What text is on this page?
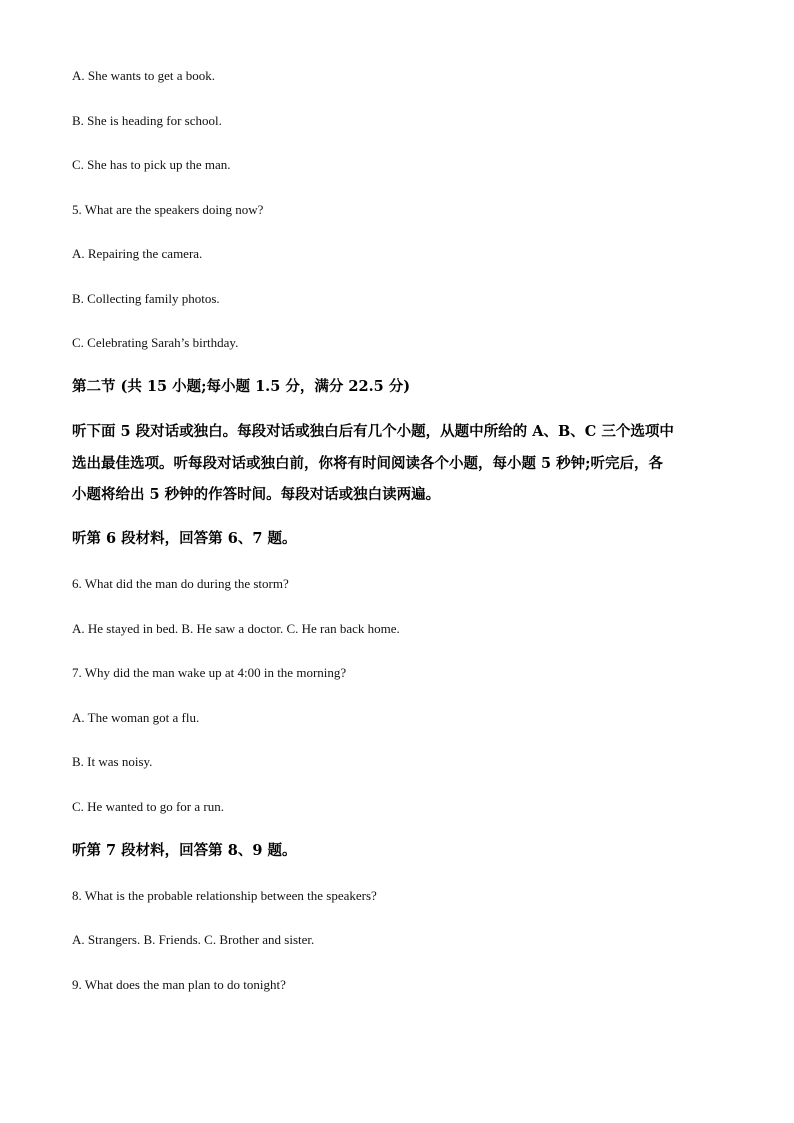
A. She wants to get a book.
B. She is heading for school.
C. She has to pick up the man.
5. What are the speakers doing now?
A. Repairing the camera.
B. Collecting family photos.
C. Celebrating Sarah’s birthday.
第二节 (共 15 小题;每小题 1.5 分，满分 22.5 分)
听下面 5 段对话或独白。每段对话或独白后有几个小题，从题中所给的 A、B、C 三个选项中
选出最佳选项。听每段对话或独白前，你将有时间阅读各个小题，每小题 5 秒钟;听完后，各
小题将给出 5 秒钟的作答时间。每段对话或独白读两遍。
听第 6 段材料，回答第 6、7 题。
6. What did the man do during the storm?
A. He stayed in bed. B. He saw a doctor. C. He ran back home.
7. Why did the man wake up at 4:00 in the morning?
A. The woman got a flu.
B. It was noisy.
C. He wanted to go for a run.
听第 7 段材料，回答第 8、9 题。
8. What is the probable relationship between the speakers?
A. Strangers. B. Friends. C. Brother and sister.
9. What does the man plan to do tonight?
